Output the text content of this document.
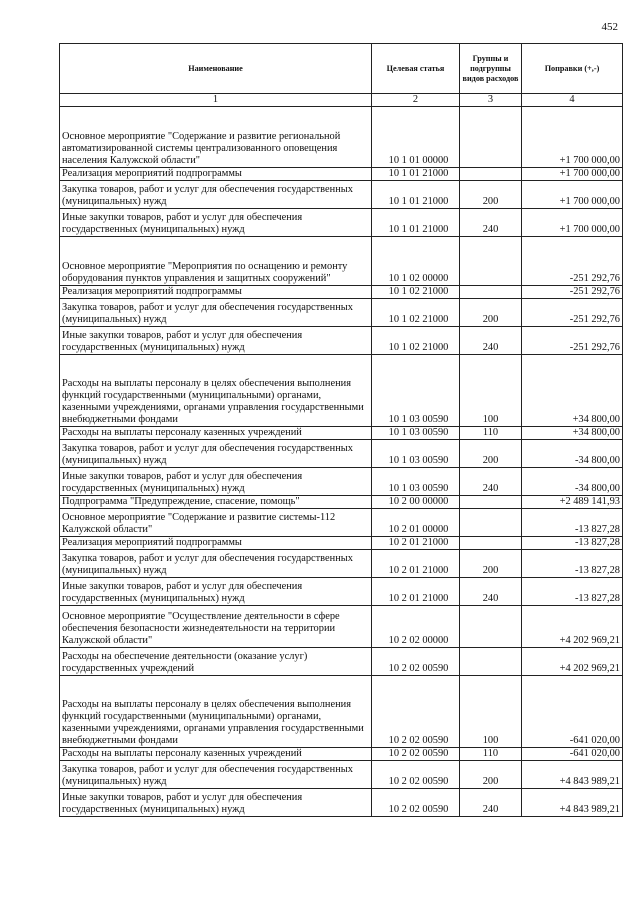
452
Наименование	Целевая статья	Группы и подгруппы видов расходов	Поправки (+,-)
1	2	3	4
Основное мероприятие "Содержание и развитие региональной автоматизированной системы централизованного оповещения населения Калужской области"	10 1 01 00000		+1 700 000,00
Реализация мероприятий подпрограммы	10 1 01 21000		+1 700 000,00
Закупка товаров, работ и услуг для обеспечения государственных (муниципальных) нужд	10 1 01 21000	200	+1 700 000,00
Иные закупки товаров, работ и услуг для обеспечения государственных (муниципальных) нужд	10 1 01 21000	240	+1 700 000,00
Основное мероприятие "Мероприятия по оснащению и ремонту оборудования пунктов управления и защитных сооружений"	10 1 02 00000		-251 292,76
Реализация мероприятий подпрограммы	10 1 02 21000		-251 292,76
Закупка товаров, работ и услуг для обеспечения государственных (муниципальных) нужд	10 1 02 21000	200	-251 292,76
Иные закупки товаров, работ и услуг для обеспечения государственных (муниципальных) нужд	10 1 02 21000	240	-251 292,76
Расходы на выплаты персоналу в целях обеспечения выполнения функций государственными (муниципальными) органами, казенными учреждениями, органами управления государственными внебюджетными фондами	10 1 03 00590	100	+34 800,00
Расходы на выплаты персоналу казенных учреждений	10 1 03 00590	110	+34 800,00
Закупка товаров, работ и услуг для обеспечения государственных (муниципальных) нужд	10 1 03 00590	200	-34 800,00
Иные закупки товаров, работ и услуг для обеспечения государственных (муниципальных) нужд	10 1 03 00590	240	-34 800,00
Подпрограмма "Предупреждение, спасение, помощь"	10 2 00 00000		+2 489 141,93
Основное мероприятие "Содержание и развитие системы-112 Калужской области"	10 2 01 00000		-13 827,28
Реализация мероприятий подпрограммы	10 2 01 21000		-13 827,28
Закупка товаров, работ и услуг для обеспечения государственных (муниципальных) нужд	10 2 01 21000	200	-13 827,28
Иные закупки товаров, работ и услуг для обеспечения государственных (муниципальных) нужд	10 2 01 21000	240	-13 827,28
Основное мероприятие "Осуществление деятельности в сфере обеспечения безопасности жизнедеятельности на территории Калужской области"	10 2 02 00000		+4 202 969,21
Расходы на обеспечение деятельности (оказание услуг) государственных учреждений	10 2 02 00590		+4 202 969,21
Расходы на выплаты персоналу в целях обеспечения выполнения функций государственными (муниципальными) органами, казенными учреждениями, органами управления государственными внебюджетными фондами	10 2 02 00590	100	-641 020,00
Расходы на выплаты персоналу казенных учреждений	10 2 02 00590	110	-641 020,00
Закупка товаров, работ и услуг для обеспечения государственных (муниципальных) нужд	10 2 02 00590	200	+4 843 989,21
Иные закупки товаров, работ и услуг для обеспечения государственных (муниципальных) нужд	10 2 02 00590	240	+4 843 989,21
